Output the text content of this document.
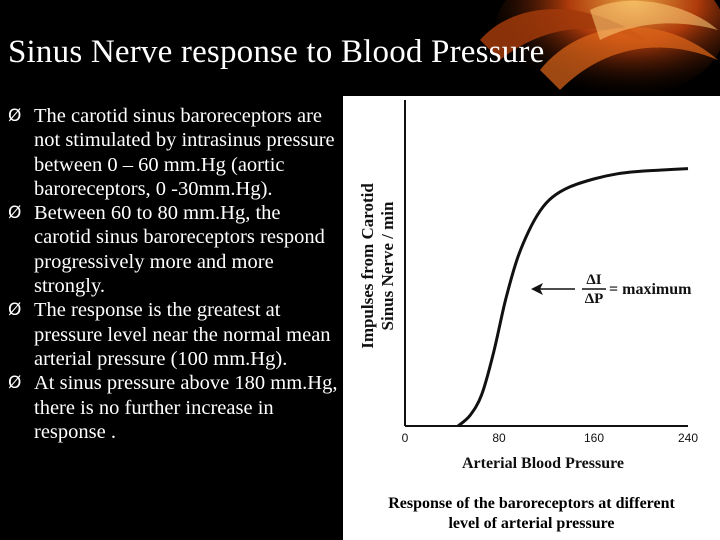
Sinus Nerve response to Blood Pressure
Ø The carotid sinus baroreceptors are not stimulated by intrasinus pressure between 0 – 60 mm.Hg (aortic baroreceptors, 0 -30mm.Hg).
Ø Between 60 to 80 mm.Hg, the carotid sinus baroreceptors respond progressively more and more strongly.
Ø The response is the greatest at pressure level near the normal mean arterial pressure (100 mm.Hg).
Ø At sinus pressure above 180 mm.Hg, there is no further increase in response .
Impulses from Carotid Sinus Nerve / min
0	80	160	240
Arterial Blood Pressure
ΔI
ΔP
= maximum
Response of the baroreceptors at different
level of arterial pressure
